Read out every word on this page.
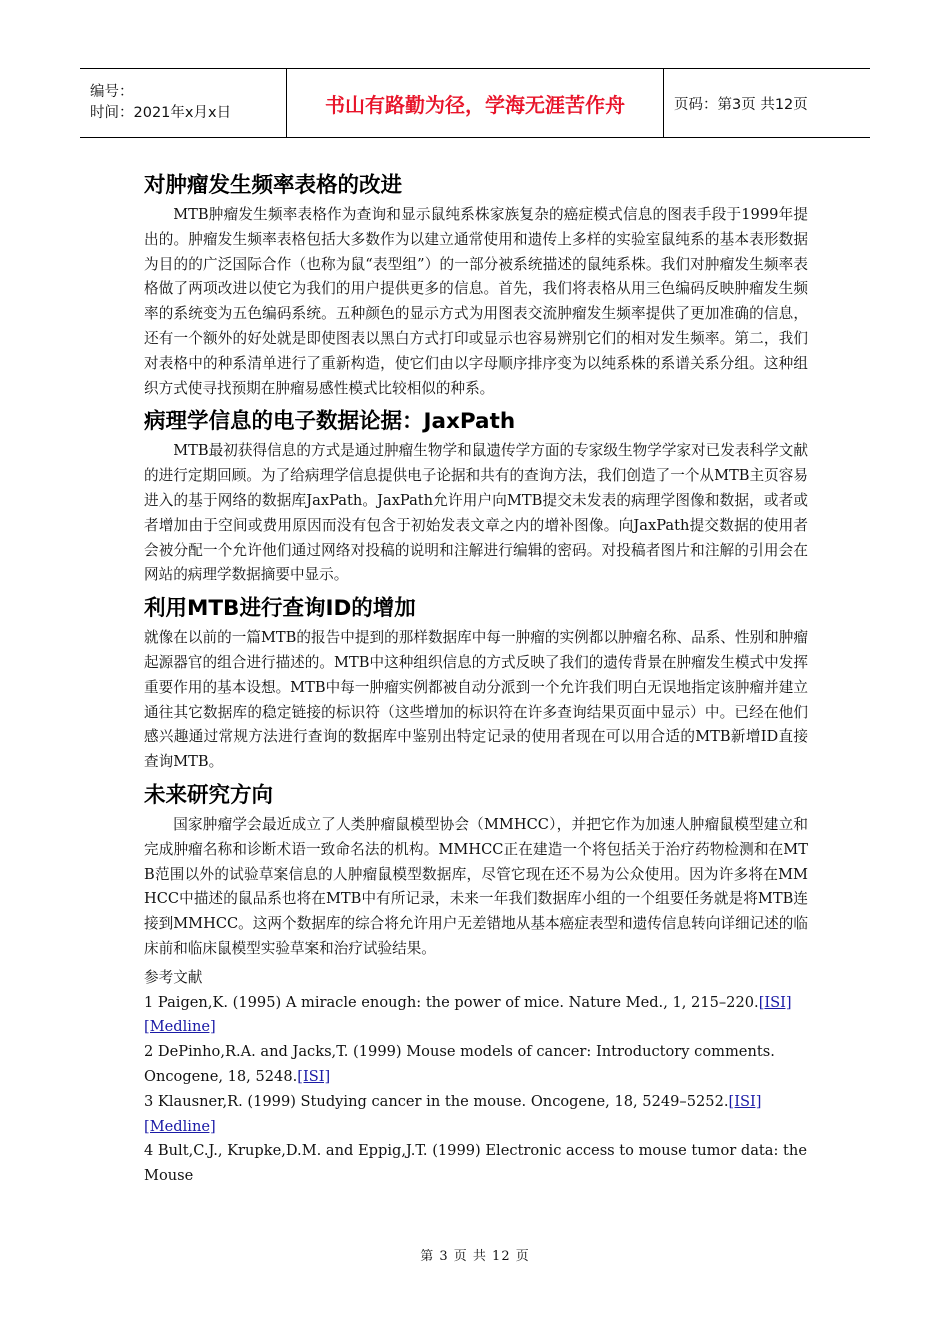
编号：
时间：2021年x月x日	书山有路勤为径，学海无涯苦作舟	页码：第3页 共12页
对肿瘤发生频率表格的改进

MTB肿瘤发生频率表格作为查询和显示鼠纯系株家族复杂的癌症模式信息的图表手段于1999年提出的。肿瘤发生频率表格包括大多数作为以建立通常使用和遗传上多样的实验室鼠纯系的基本表形数据为目的的广泛国际合作（也称为鼠“表型组”）的一部分被系统描述的鼠纯系株。我们对肿瘤发生频率表格做了两项改进以使它为我们的用户提供更多的信息。首先，我们将表格从用三色编码反映肿瘤发生频率的系统变为五色编码系统。五种颜色的显示方式为用图表交流肿瘤发生频率提供了更加准确的信息，还有一个额外的好处就是即使图表以黑白方式打印或显示也容易辨别它们的相对发生频率。第二，我们对表格中的种系清单进行了重新构造，使它们由以字母顺序排序变为以纯系株的系谱关系分组。这种组织方式使寻找预期在肿瘤易感性模式比较相似的种系。

病理学信息的电子数据论据：JaxPath

MTB最初获得信息的方式是通过肿瘤生物学和鼠遗传学方面的专家级生物学学家对已发表科学文献的进行定期回顾。为了给病理学信息提供电子论据和共有的查询方法，我们创造了一个从MTB主页容易进入的基于网络的数据库JaxPath。JaxPath允许用户向MTB提交未发表的病理学图像和数据，或者或者增加由于空间或费用原因而没有包含于初始发表文章之内的增补图像。向JaxPath提交数据的使用者会被分配一个允许他们通过网络对投稿的说明和注解进行编辑的密码。对投稿者图片和注解的引用会在网站的病理学数据摘要中显示。

利用MTB进行查询ID的增加

就像在以前的一篇MTB的报告中提到的那样数据库中每一肿瘤的实例都以肿瘤名称、品系、性别和肿瘤起源器官的组合进行描述的。MTB中这种组织信息的方式反映了我们的遗传背景在肿瘤发生模式中发挥重要作用的基本设想。MTB中每一肿瘤实例都被自动分派到一个允许我们明白无误地指定该肿瘤并建立通往其它数据库的稳定链接的标识符（这些增加的标识符在许多查询结果页面中显示）中。已经在他们感兴趣通过常规方法进行查询的数据库中鉴别出特定记录的使用者现在可以用合适的MTB新增ID直接查询MTB。

未来研究方向

国家肿瘤学会最近成立了人类肿瘤鼠模型协会（MMHCC），并把它作为加速人肿瘤鼠模型建立和完成肿瘤名称和诊断术语一致命名法的机构。MMHCC正在建造一个将包括关于治疗药物检测和在MTB范围以外的试验草案信息的人肿瘤鼠模型数据库，尽管它现在还不易为公众使用。因为许多将在MMHCC中描述的鼠品系也将在MTB中有所记录，未来一年我们数据库小组的一个组要任务就是将MTB连接到MMHCC。这两个数据库的综合将允许用户无差错地从基本癌症表型和遗传信息转向详细记述的临床前和临床鼠模型实验草案和治疗试验结果。

参考文献
1 Paigen,K. (1995) A miracle enough: the power of mice. Nature Med., 1, 215–220.[ISI][Medline]
2 DePinho,R.A. and Jacks,T. (1999) Mouse models of cancer: Introductory comments. Oncogene, 18, 5248.[ISI]
3 Klausner,R. (1999) Studying cancer in the mouse. Oncogene, 18, 5249–5252.[ISI][Medline]
4 Bult,C.J., Krupke,D.M. and Eppig,J.T. (1999) Electronic access to mouse tumor data: the Mouse
第 3 页 共 12 页
